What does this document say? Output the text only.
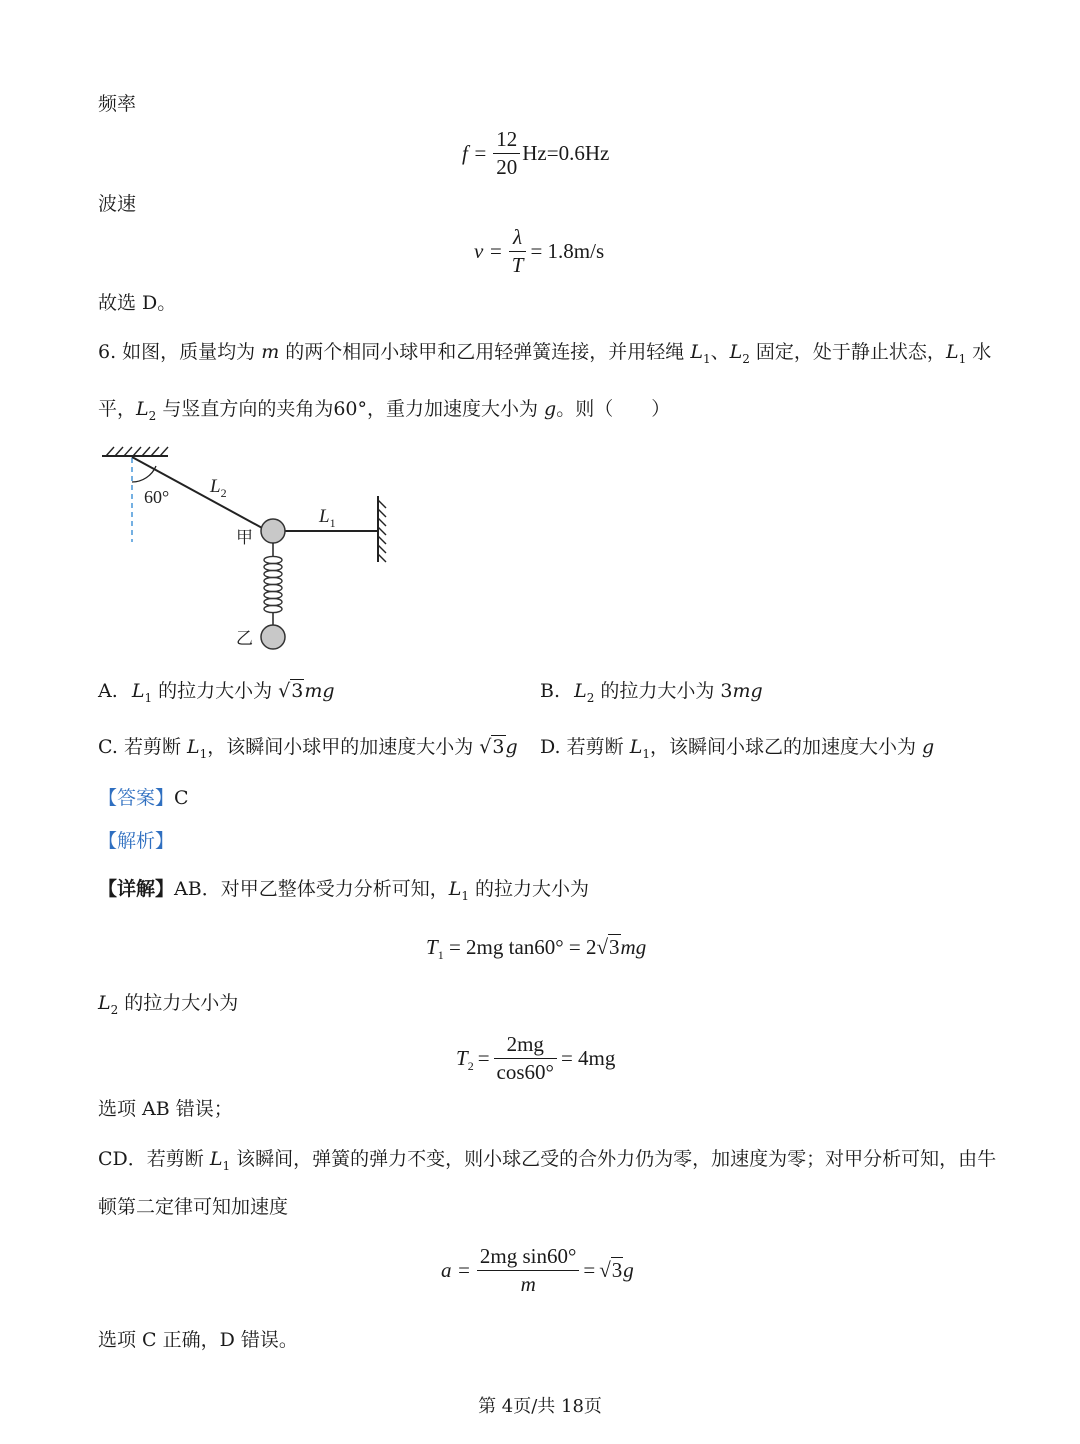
频率
$f = \frac{12}{20} Hz=0.6Hz$
波速
$v = \frac{\lambda}{T} = 1.8m/s$
故选 D。
6. 如图，质量均为 m 的两个相同小球甲和乙用轻弹簧连接，并用轻绳 $L_1$、$L_2$ 固定，处于静止状态，$L_1$ 水
平，$L_2$ 与竖直方向的夹角为60°，重力加速度大小为 g。则（　　）
60° $L_2$
$L_1$
甲
乙
A. $L_1$ 的拉力大小为 √3mg	B. $L_2$ 的拉力大小为 3mg
C. 若剪断 $L_1$，该瞬间小球甲的加速度大小为 √3g D. 若剪断 $L_1$，该瞬间小球乙的加速度大小为 g
【答案】C
【解析】
【详解】AB．对甲乙整体受力分析可知，$L_1$ 的拉力大小为
$T_1 = 2mg$ tan60° = 2√3mg
$L_2$ 的拉力大小为
T $2 = \frac{2mg}{\cos 60^\circ} = 4mg$
选项 AB 错误；
CD．若剪断 $L_1$ 该瞬间，弹簧的弹力不变，则小球乙受的合外力仍为零，加速度为零；对甲分析可知，由牛
顿第二定律可知加速度
$a = \frac{\text{2mg sin60°}}{m} = √3$ g
选项 C 正确，D 错误。
第 4页/共 18页
